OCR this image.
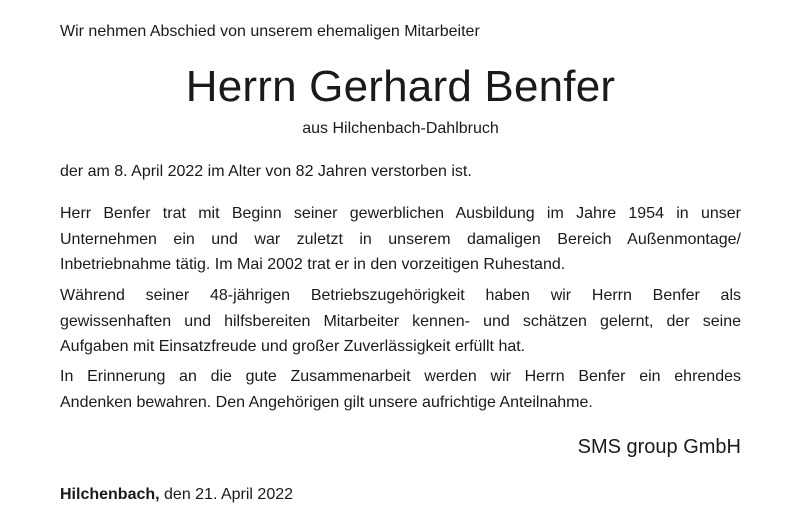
Wir nehmen Abschied von unserem ehemaligen Mitarbeiter
Herrn Gerhard Benfer
aus Hilchenbach-Dahlbruch
der am 8. April 2022 im Alter von 82 Jahren verstorben ist.
Herr Benfer trat mit Beginn seiner gewerblichen Ausbildung im Jahre 1954 in unser
Unternehmen ein und war zuletzt in unserem damaligen Bereich Außenmontage/
Inbetriebnahme tätig. Im Mai 2002 trat er in den vorzeitigen Ruhestand.
Während seiner 48-jährigen Betriebszugehörigkeit haben wir Herrn Benfer als
gewissenhaften und hilfsbereiten Mitarbeiter kennen- und schätzen gelernt, der seine
Aufgaben mit Einsatzfreude und großer Zuverlässigkeit erfüllt hat.
In Erinnerung an die gute Zusammenarbeit werden wir Herrn Benfer ein ehrendes
Andenken bewahren. Den Angehörigen gilt unsere aufrichtige Anteilnahme.
SMS group GmbH
Hilchenbach, den 21. April 2022
